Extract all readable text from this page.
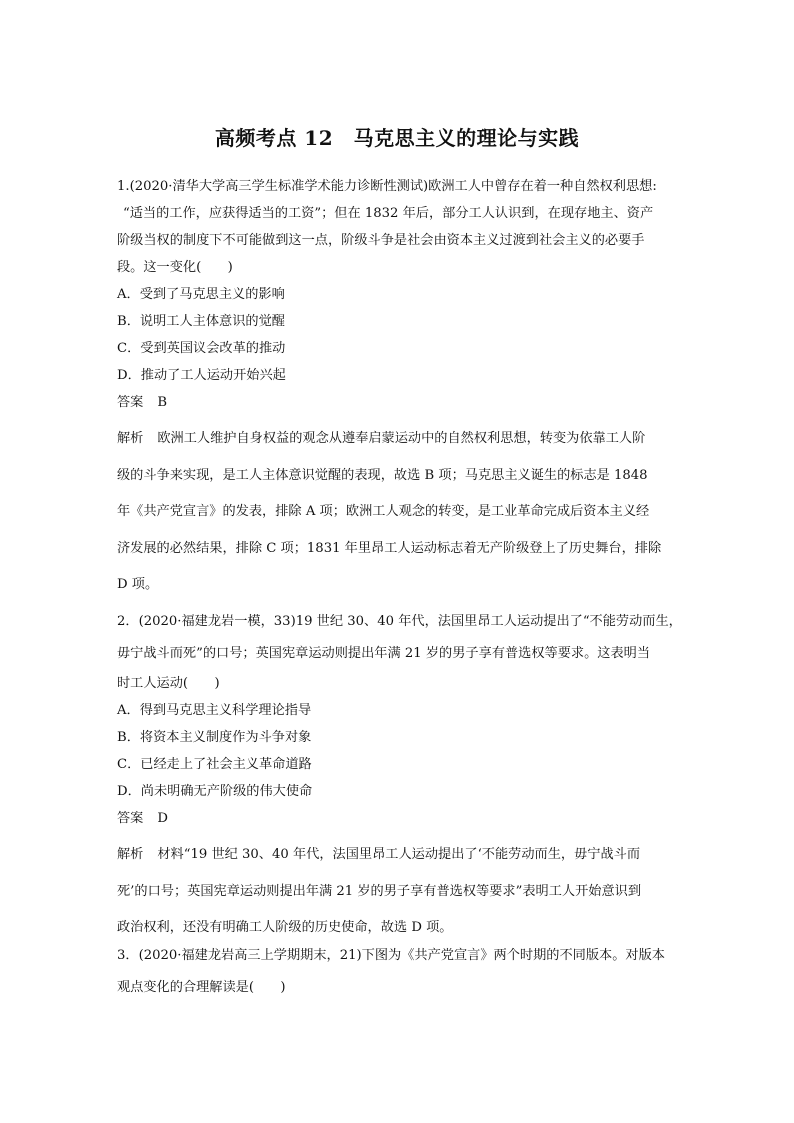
高频考点 12　马克思主义的理论与实践
1.(2020·清华大学高三学生标准学术能力诊断性测试)欧洲工人中曾存在着一种自然权利思想:
“适当的工作，应获得适当的工资”；但在 1832 年后，部分工人认识到，在现存地主、资产
阶级当权的制度下不可能做到这一点，阶级斗争是社会由资本主义过渡到社会主义的必要手
段。这一变化(　　)
A．受到了马克思主义的影响
B．说明工人主体意识的觉醒
C．受到英国议会改革的推动
D．推动了工人运动开始兴起
答案 B
解析 欧洲工人维护自身权益的观念从遵奉启蒙运动中的自然权利思想，转变为依靠工人阶
级的斗争来实现，是工人主体意识觉醒的表现，故选 B 项；马克思主义诞生的标志是 1848
年《共产党宣言》的发表，排除 A 项；欧洲工人观念的转变，是工业革命完成后资本主义经
济发展的必然结果，排除 C 项；1831 年里昂工人运动标志着无产阶级登上了历史舞台，排除
D 项。
2．(2020·福建龙岩一模，33)19 世纪 30、40 年代，法国里昂工人运动提出了“不能劳动而生，
毋宁战斗而死”的口号；英国宪章运动则提出年满 21 岁的男子享有普选权等要求。这表明当
时工人运动(　　)
A．得到马克思主义科学理论指导
B．将资本主义制度作为斗争对象
C．已经走上了社会主义革命道路
D．尚未明确无产阶级的伟大使命
答案 D
解析 材料“19 世纪 30、40 年代，法国里昂工人运动提出了‘不能劳动而生，毋宁战斗而
死’的口号；英国宪章运动则提出年满 21 岁的男子享有普选权等要求”表明工人开始意识到
政治权利，还没有明确工人阶级的历史使命，故选 D 项。
3．(2020·福建龙岩高三上学期期末，21)下图为《共产党宣言》两个时期的不同版本。对版本
观点变化的合理解读是(　　)
